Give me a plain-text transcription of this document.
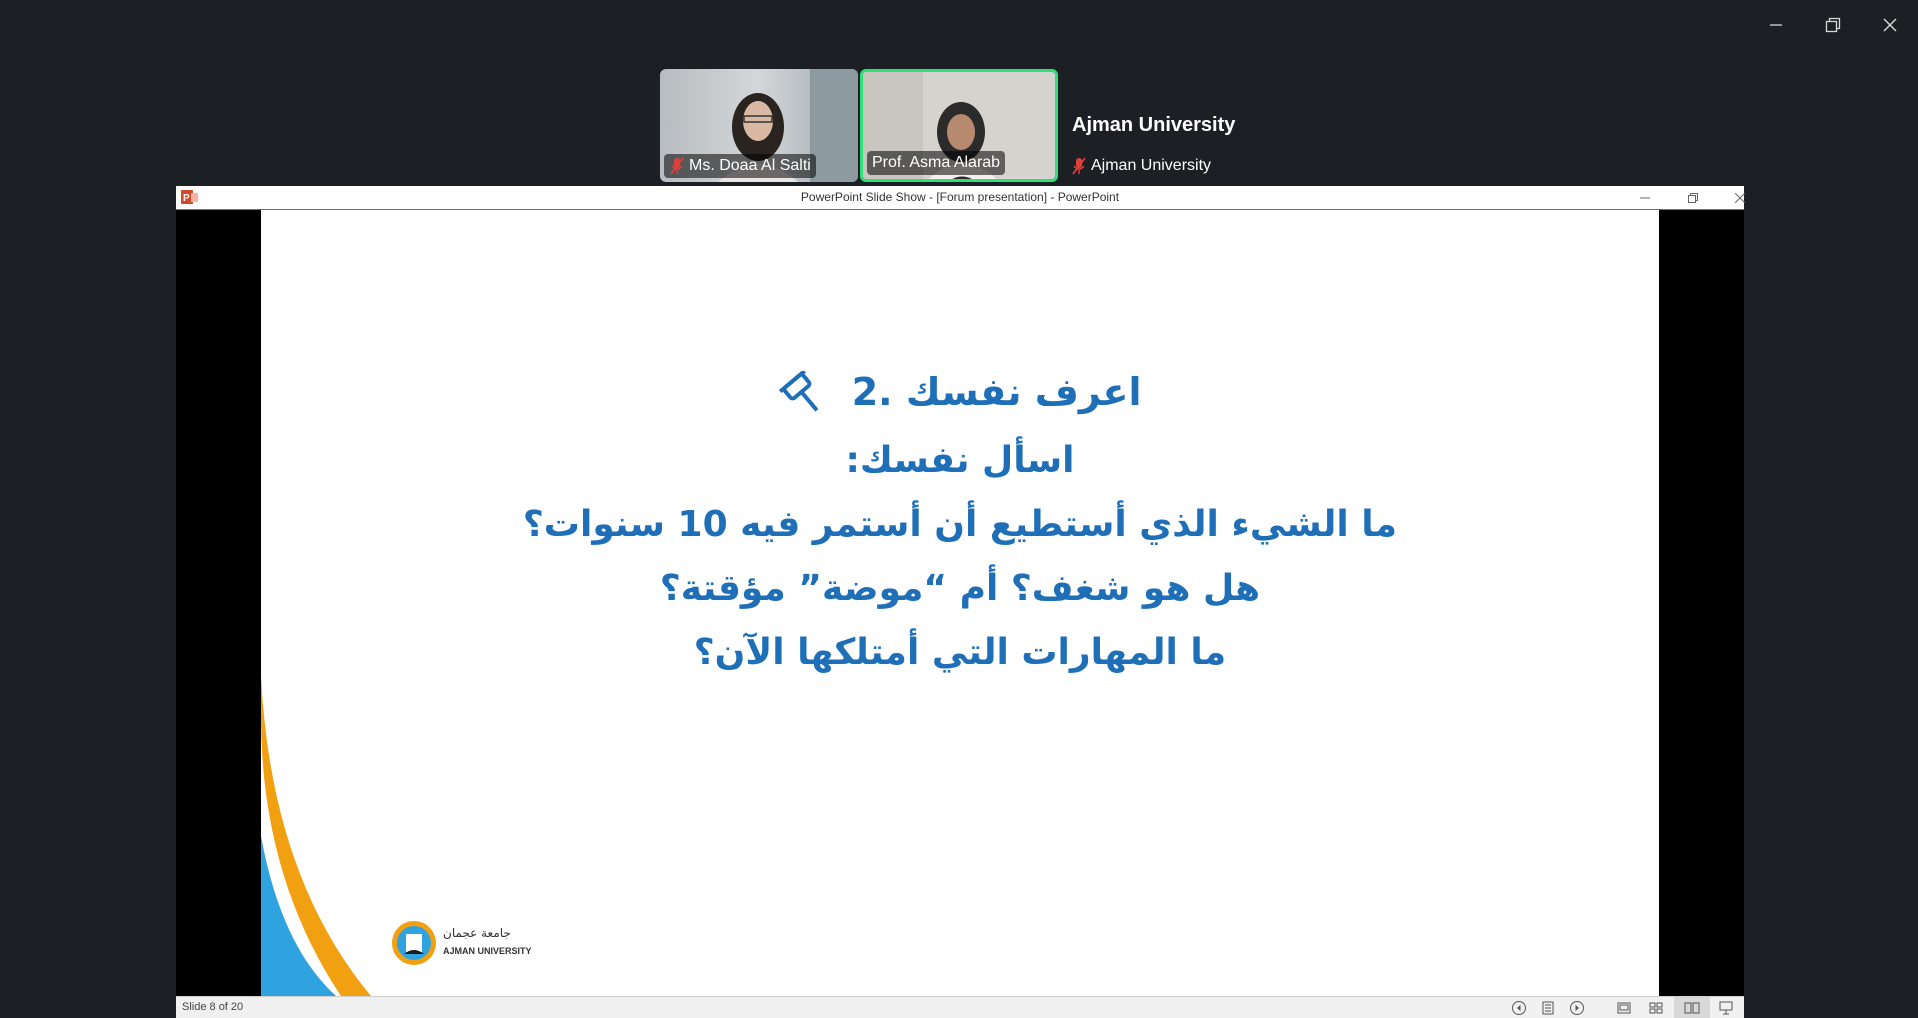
Ms. Doaa Al Salti	Prof. Asma Alarab
Ajman University
Ajman University
P	PowerPoint Slide Show - [Forum presentation] - PowerPoint
اعرف نفسك .2
اسأل نفسك:
ما الشيء الذي أستطيع أن أستمر فيه 10 سنوات؟
هل هو شغف؟ أم “موضة” مؤقتة؟
ما المهارات التي أمتلكها الآن؟
جامعة عجمان
AJMAN UNIVERSITY
Slide 8 of 20
